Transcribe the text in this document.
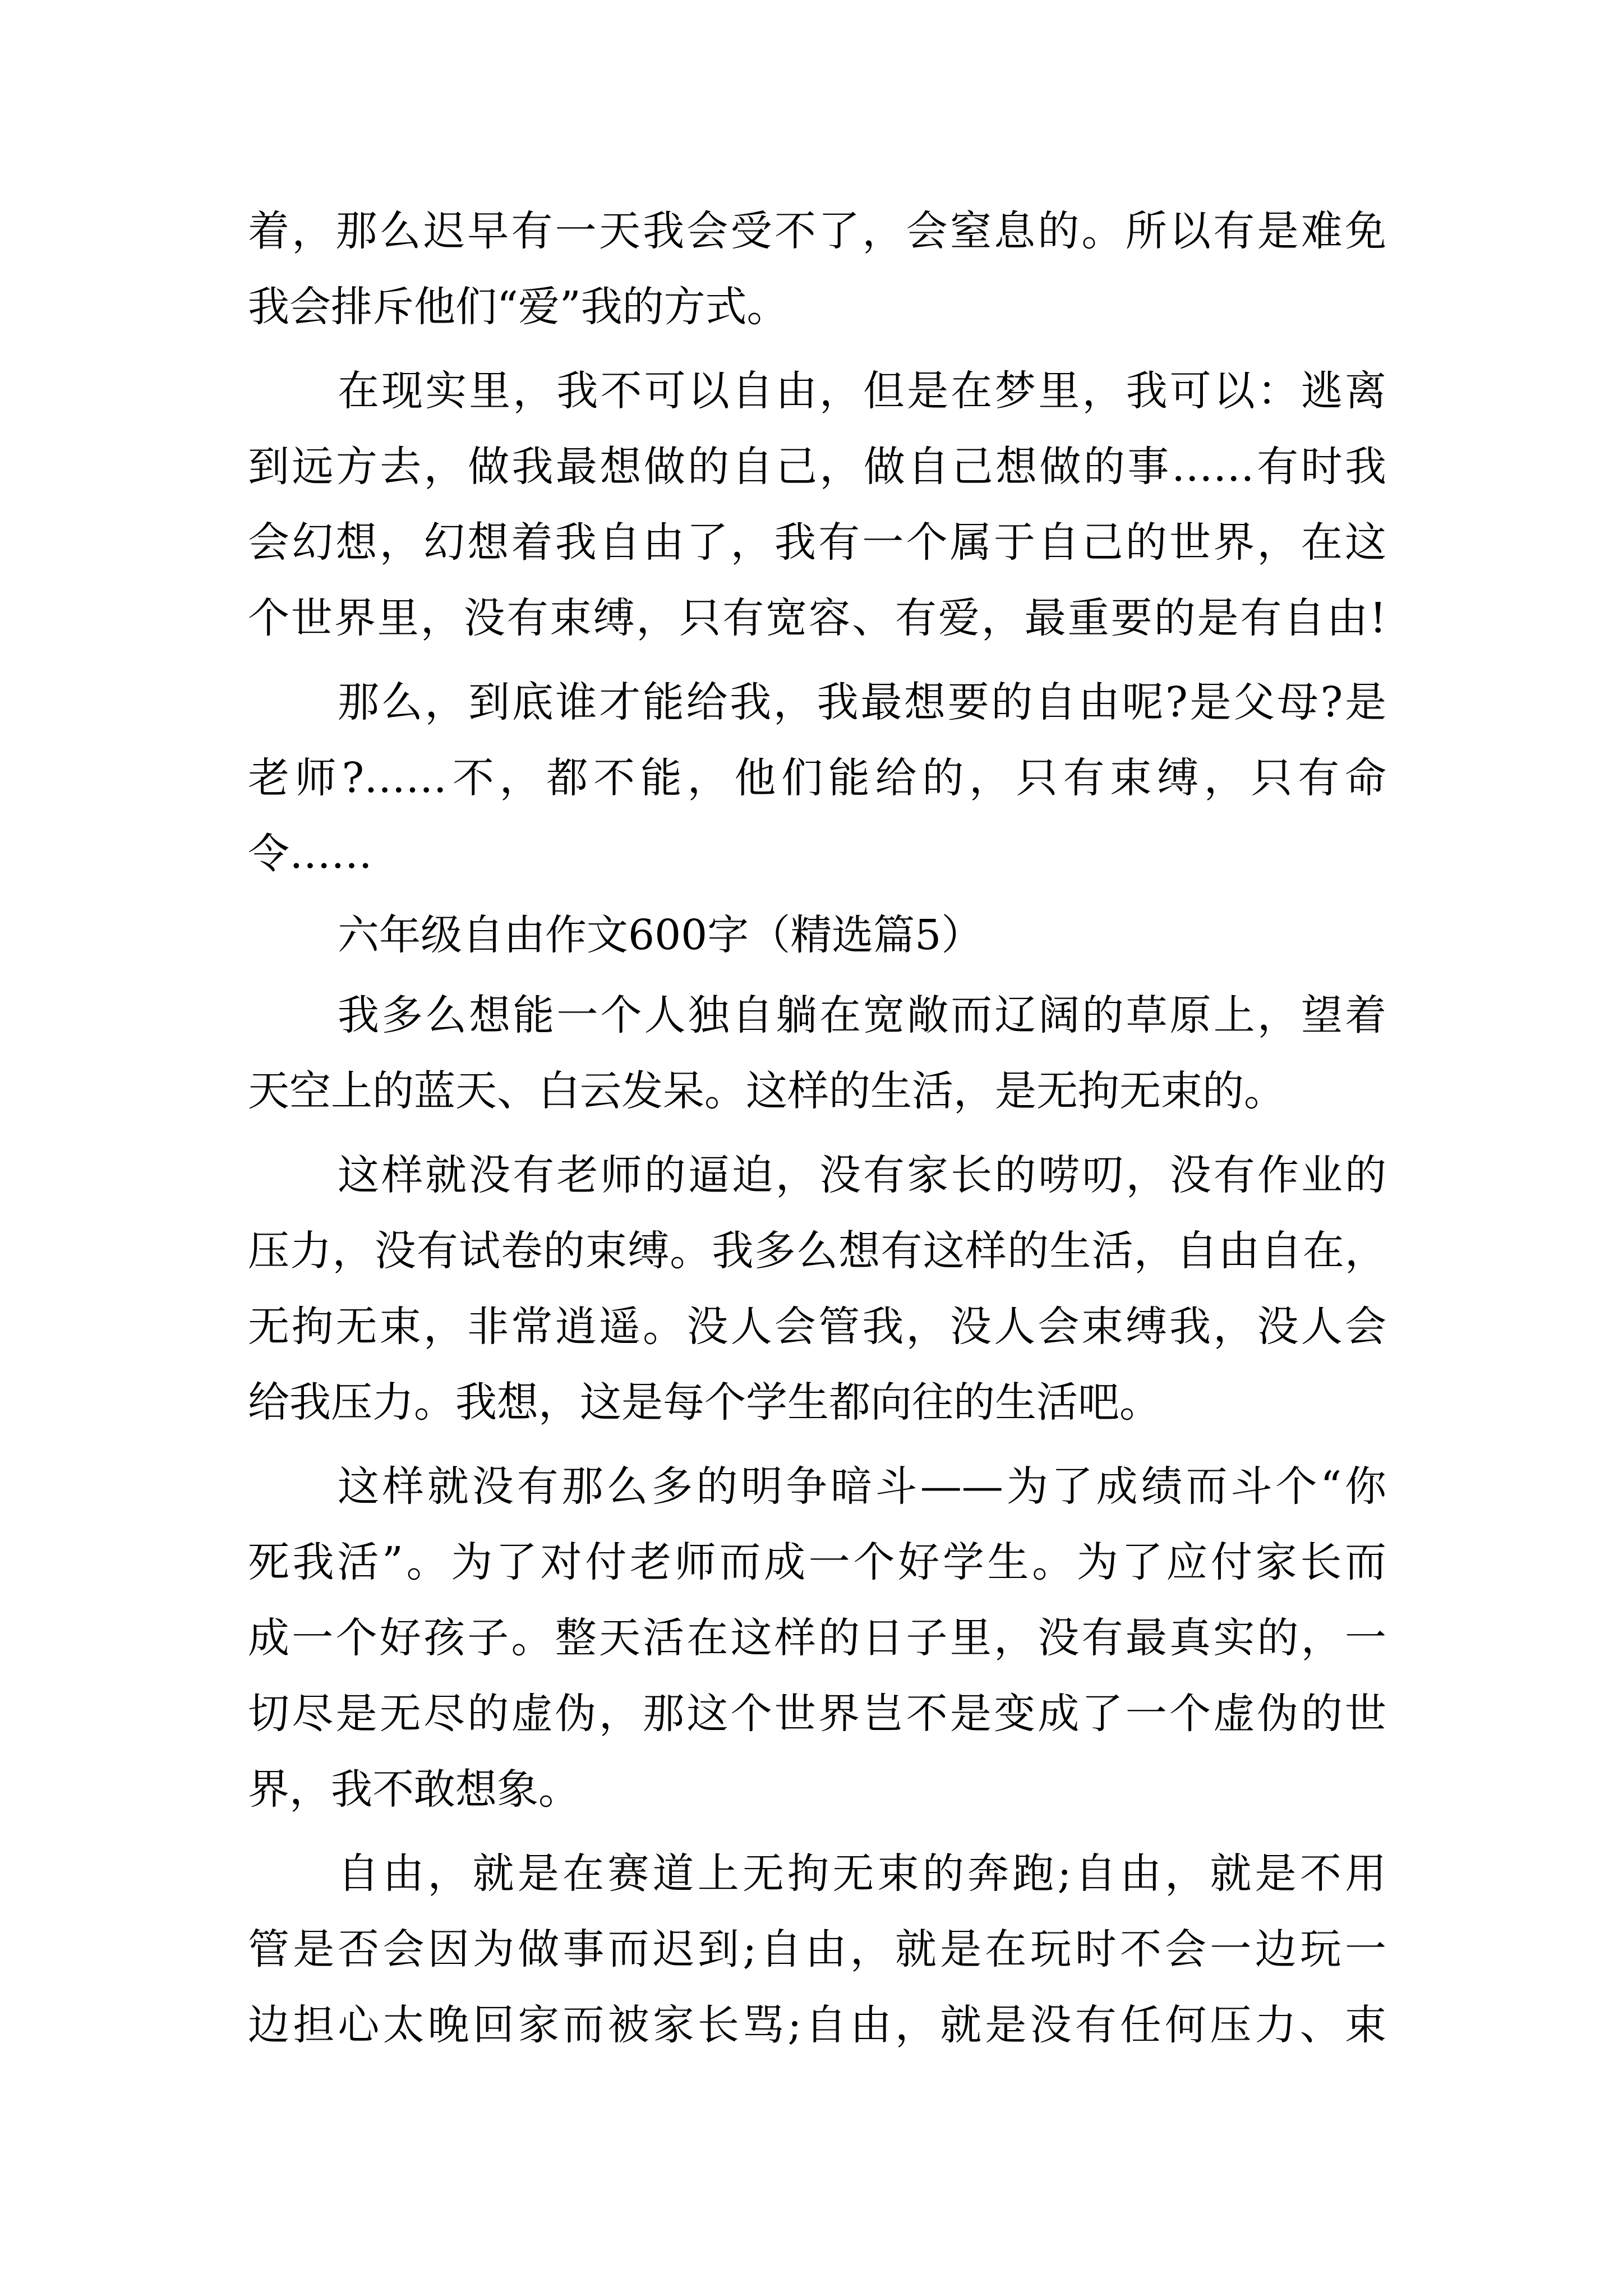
着，那么迟早有一天我会受不了，会窒息的。所以有是难免
我会排斥他们“爱”我的方式。
在现实里，我不可以自由，但是在梦里，我可以：逃离
到远方去，做我最想做的自己，做自己想做的事……有时我
会幻想，幻想着我自由了，我有一个属于自己的世界，在这
个世界里，没有束缚，只有宽容、有爱，最重要的是有自由!
那么，到底谁才能给我，我最想要的自由呢?是父母?是
老师?……不，都不能，他们能给的，只有束缚，只有命
令……
六年级自由作文600字（精选篇5）
我多么想能一个人独自躺在宽敞而辽阔的草原上，望着
天空上的蓝天、白云发呆。这样的生活，是无拘无束的。
这样就没有老师的逼迫，没有家长的唠叨，没有作业的
压力，没有试卷的束缚。我多么想有这样的生活，自由自在，
无拘无束，非常逍遥。没人会管我，没人会束缚我，没人会
给我压力。我想，这是每个学生都向往的生活吧。
这样就没有那么多的明争暗斗——为了成绩而斗个“你
死我活”。为了对付老师而成一个好学生。为了应付家长而
成一个好孩子。整天活在这样的日子里，没有最真实的，一
切尽是无尽的虚伪，那这个世界岂不是变成了一个虚伪的世
界，我不敢想象。
自由，就是在赛道上无拘无束的奔跑;自由，就是不用
管是否会因为做事而迟到;自由，就是在玩时不会一边玩一
边担心太晚回家而被家长骂;自由，就是没有任何压力、束
